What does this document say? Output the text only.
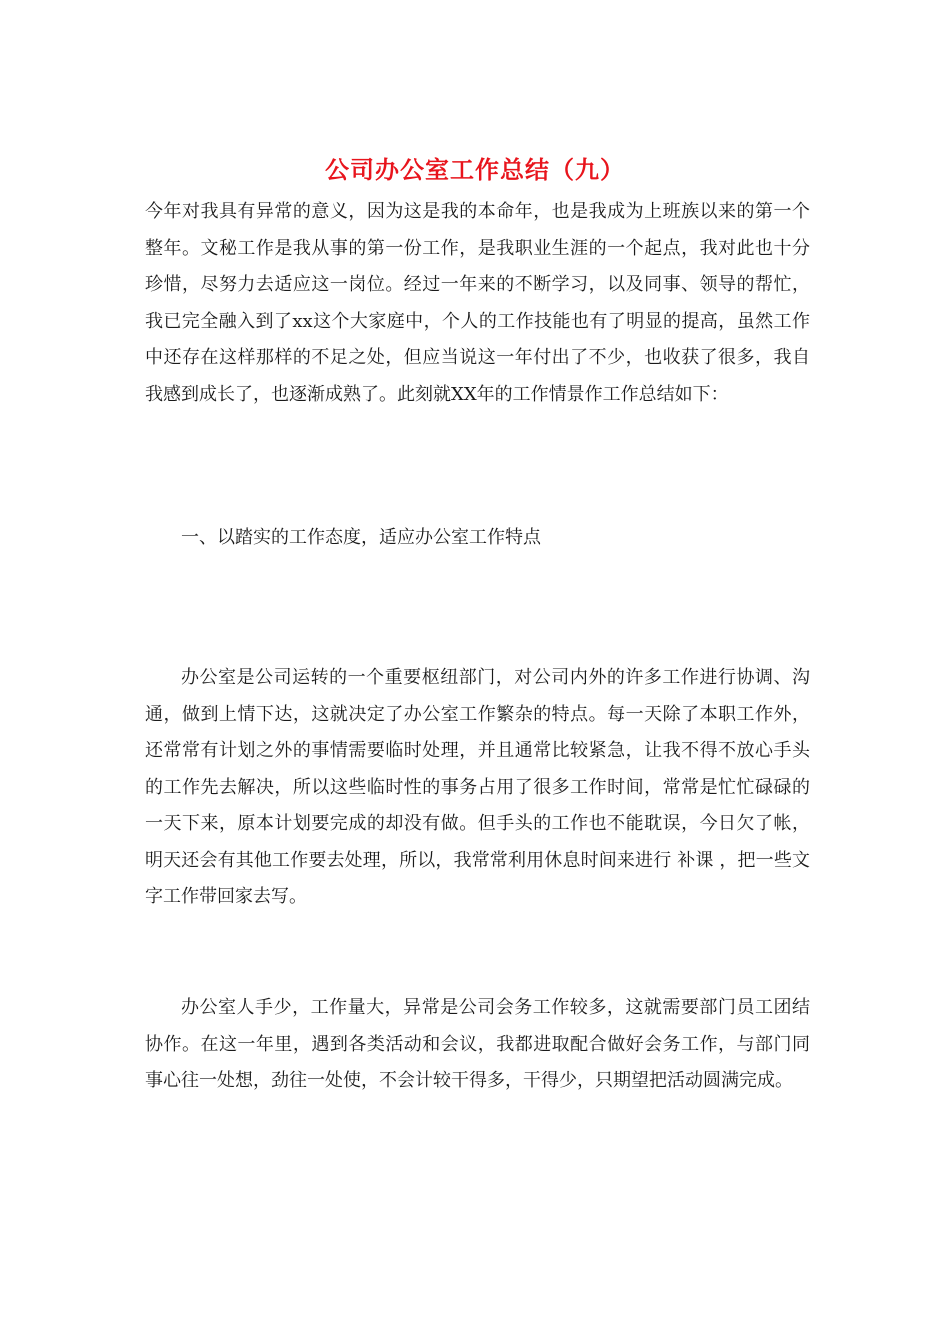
公司办公室工作总结（九）

今年对我具有异常的意义，因为这是我的本命年，也是我成为上班族以来的第一个整年。文秘工作是我从事的第一份工作，是我职业生涯的一个起点，我对此也十分珍惜，尽努力去适应这一岗位。经过一年来的不断学习，以及同事、领导的帮忙，我已完全融入到了xx这个大家庭中，个人的工作技能也有了明显的提高，虽然工作中还存在这样那样的不足之处，但应当说这一年付出了不少，也收获了很多，我自我感到成长了，也逐渐成熟了。此刻就XX年的工作情景作工作总结如下：

一、以踏实的工作态度，适应办公室工作特点

办公室是公司运转的一个重要枢纽部门，对公司内外的许多工作进行协调、沟通，做到上情下达，这就决定了办公室工作繁杂的特点。每一天除了本职工作外，还常常有计划之外的事情需要临时处理，并且通常比较紧急，让我不得不放心手头的工作先去解决，所以这些临时性的事务占用了很多工作时间，常常是忙忙碌碌的一天下来，原本计划要完成的却没有做。但手头的工作也不能耽误，今日欠了帐，明天还会有其他工作要去处理，所以，我常常利用休息时间来进行 补课 ，把一些文字工作带回家去写。

办公室人手少，工作量大，异常是公司会务工作较多，这就需要部门员工团结协作。在这一年里，遇到各类活动和会议，我都进取配合做好会务工作，与部门同事心往一处想，劲往一处使，不会计较干得多，干得少，只期望把活动圆满完成。
